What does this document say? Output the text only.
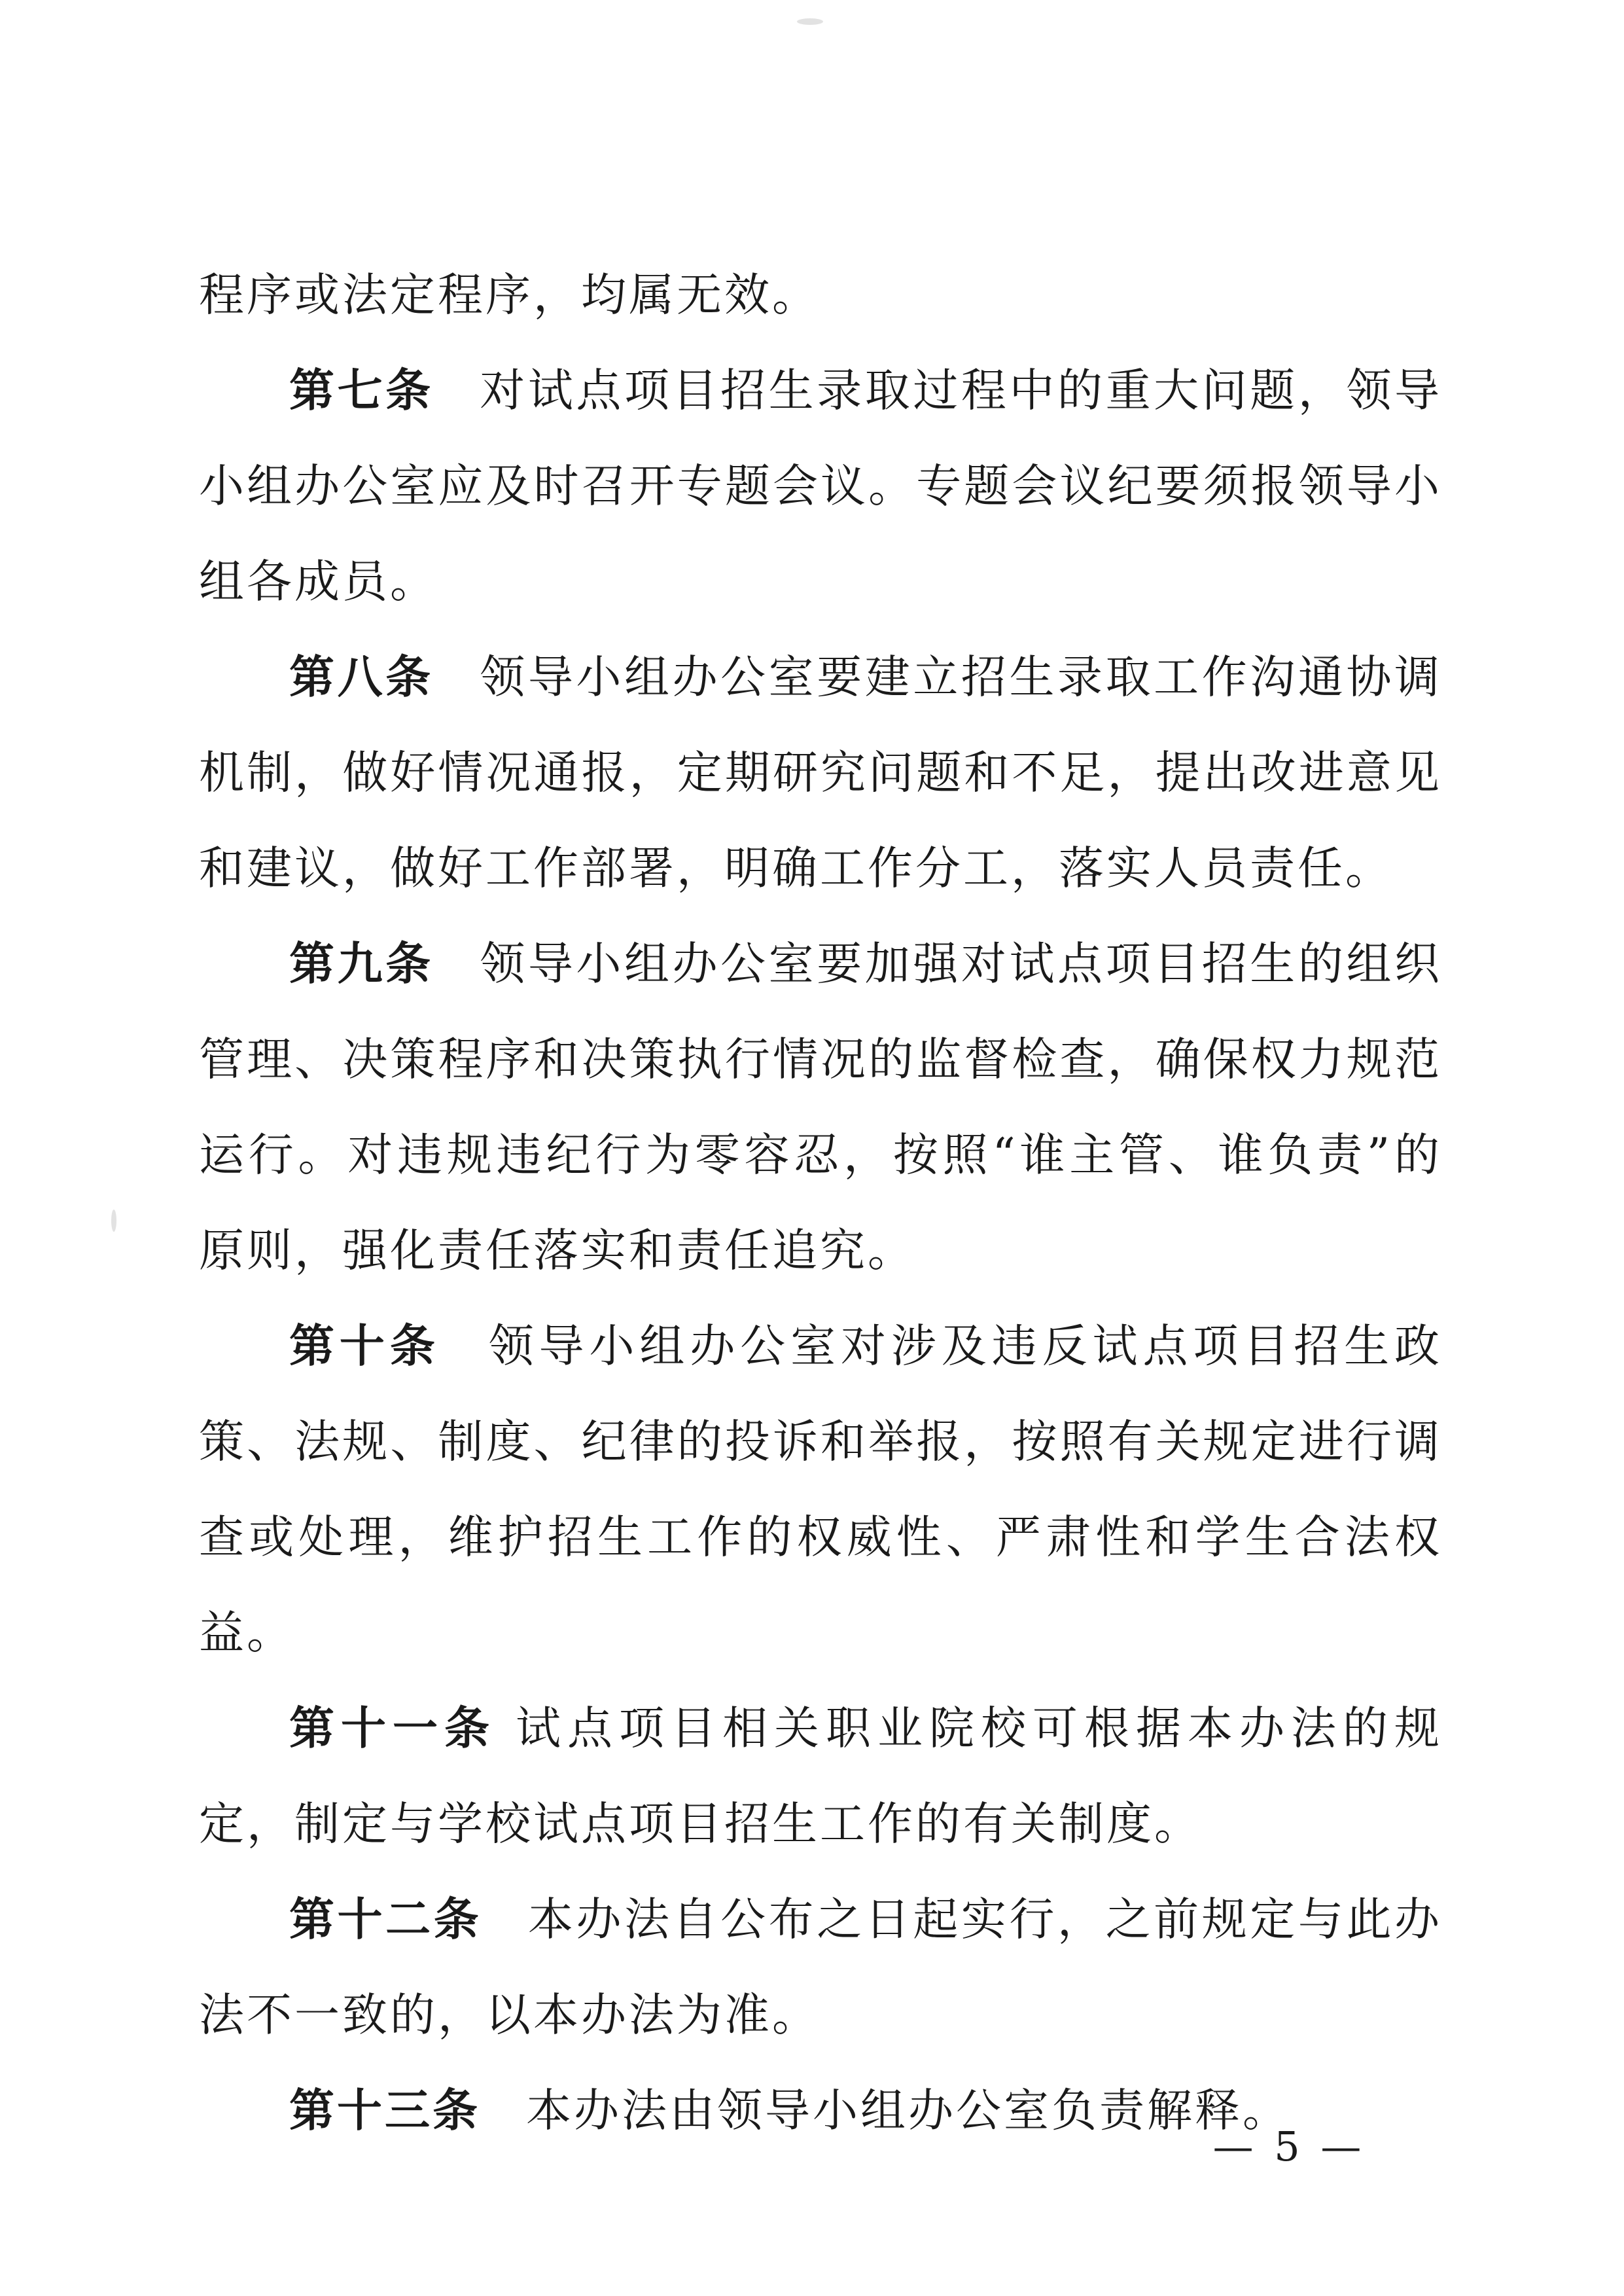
程序或法定程序，均属无效。

第七条 对试点项目招生录取过程中的重大问题，领导小组办公室应及时召开专题会议。专题会议纪要须报领导小组各成员。

第八条 领导小组办公室要建立招生录取工作沟通协调机制，做好情况通报，定期研究问题和不足，提出改进意见和建议，做好工作部署，明确工作分工，落实人员责任。

第九条 领导小组办公室要加强对试点项目招生的组织管理、决策程序和决策执行情况的监督检查，确保权力规范运行。对违规违纪行为零容忍，按照“谁主管、谁负责”的原则，强化责任落实和责任追究。

第十条 领导小组办公室对涉及违反试点项目招生政策、法规、制度、纪律的投诉和举报，按照有关规定进行调查或处理，维护招生工作的权威性、严肃性和学生合法权益。

第十一条 试点项目相关职业院校可根据本办法的规定，制定与学校试点项目招生工作的有关制度。

第十二条 本办法自公布之日起实行，之前规定与此办法不一致的，以本办法为准。

第十三条 本办法由领导小组办公室负责解释。

— 5 —
